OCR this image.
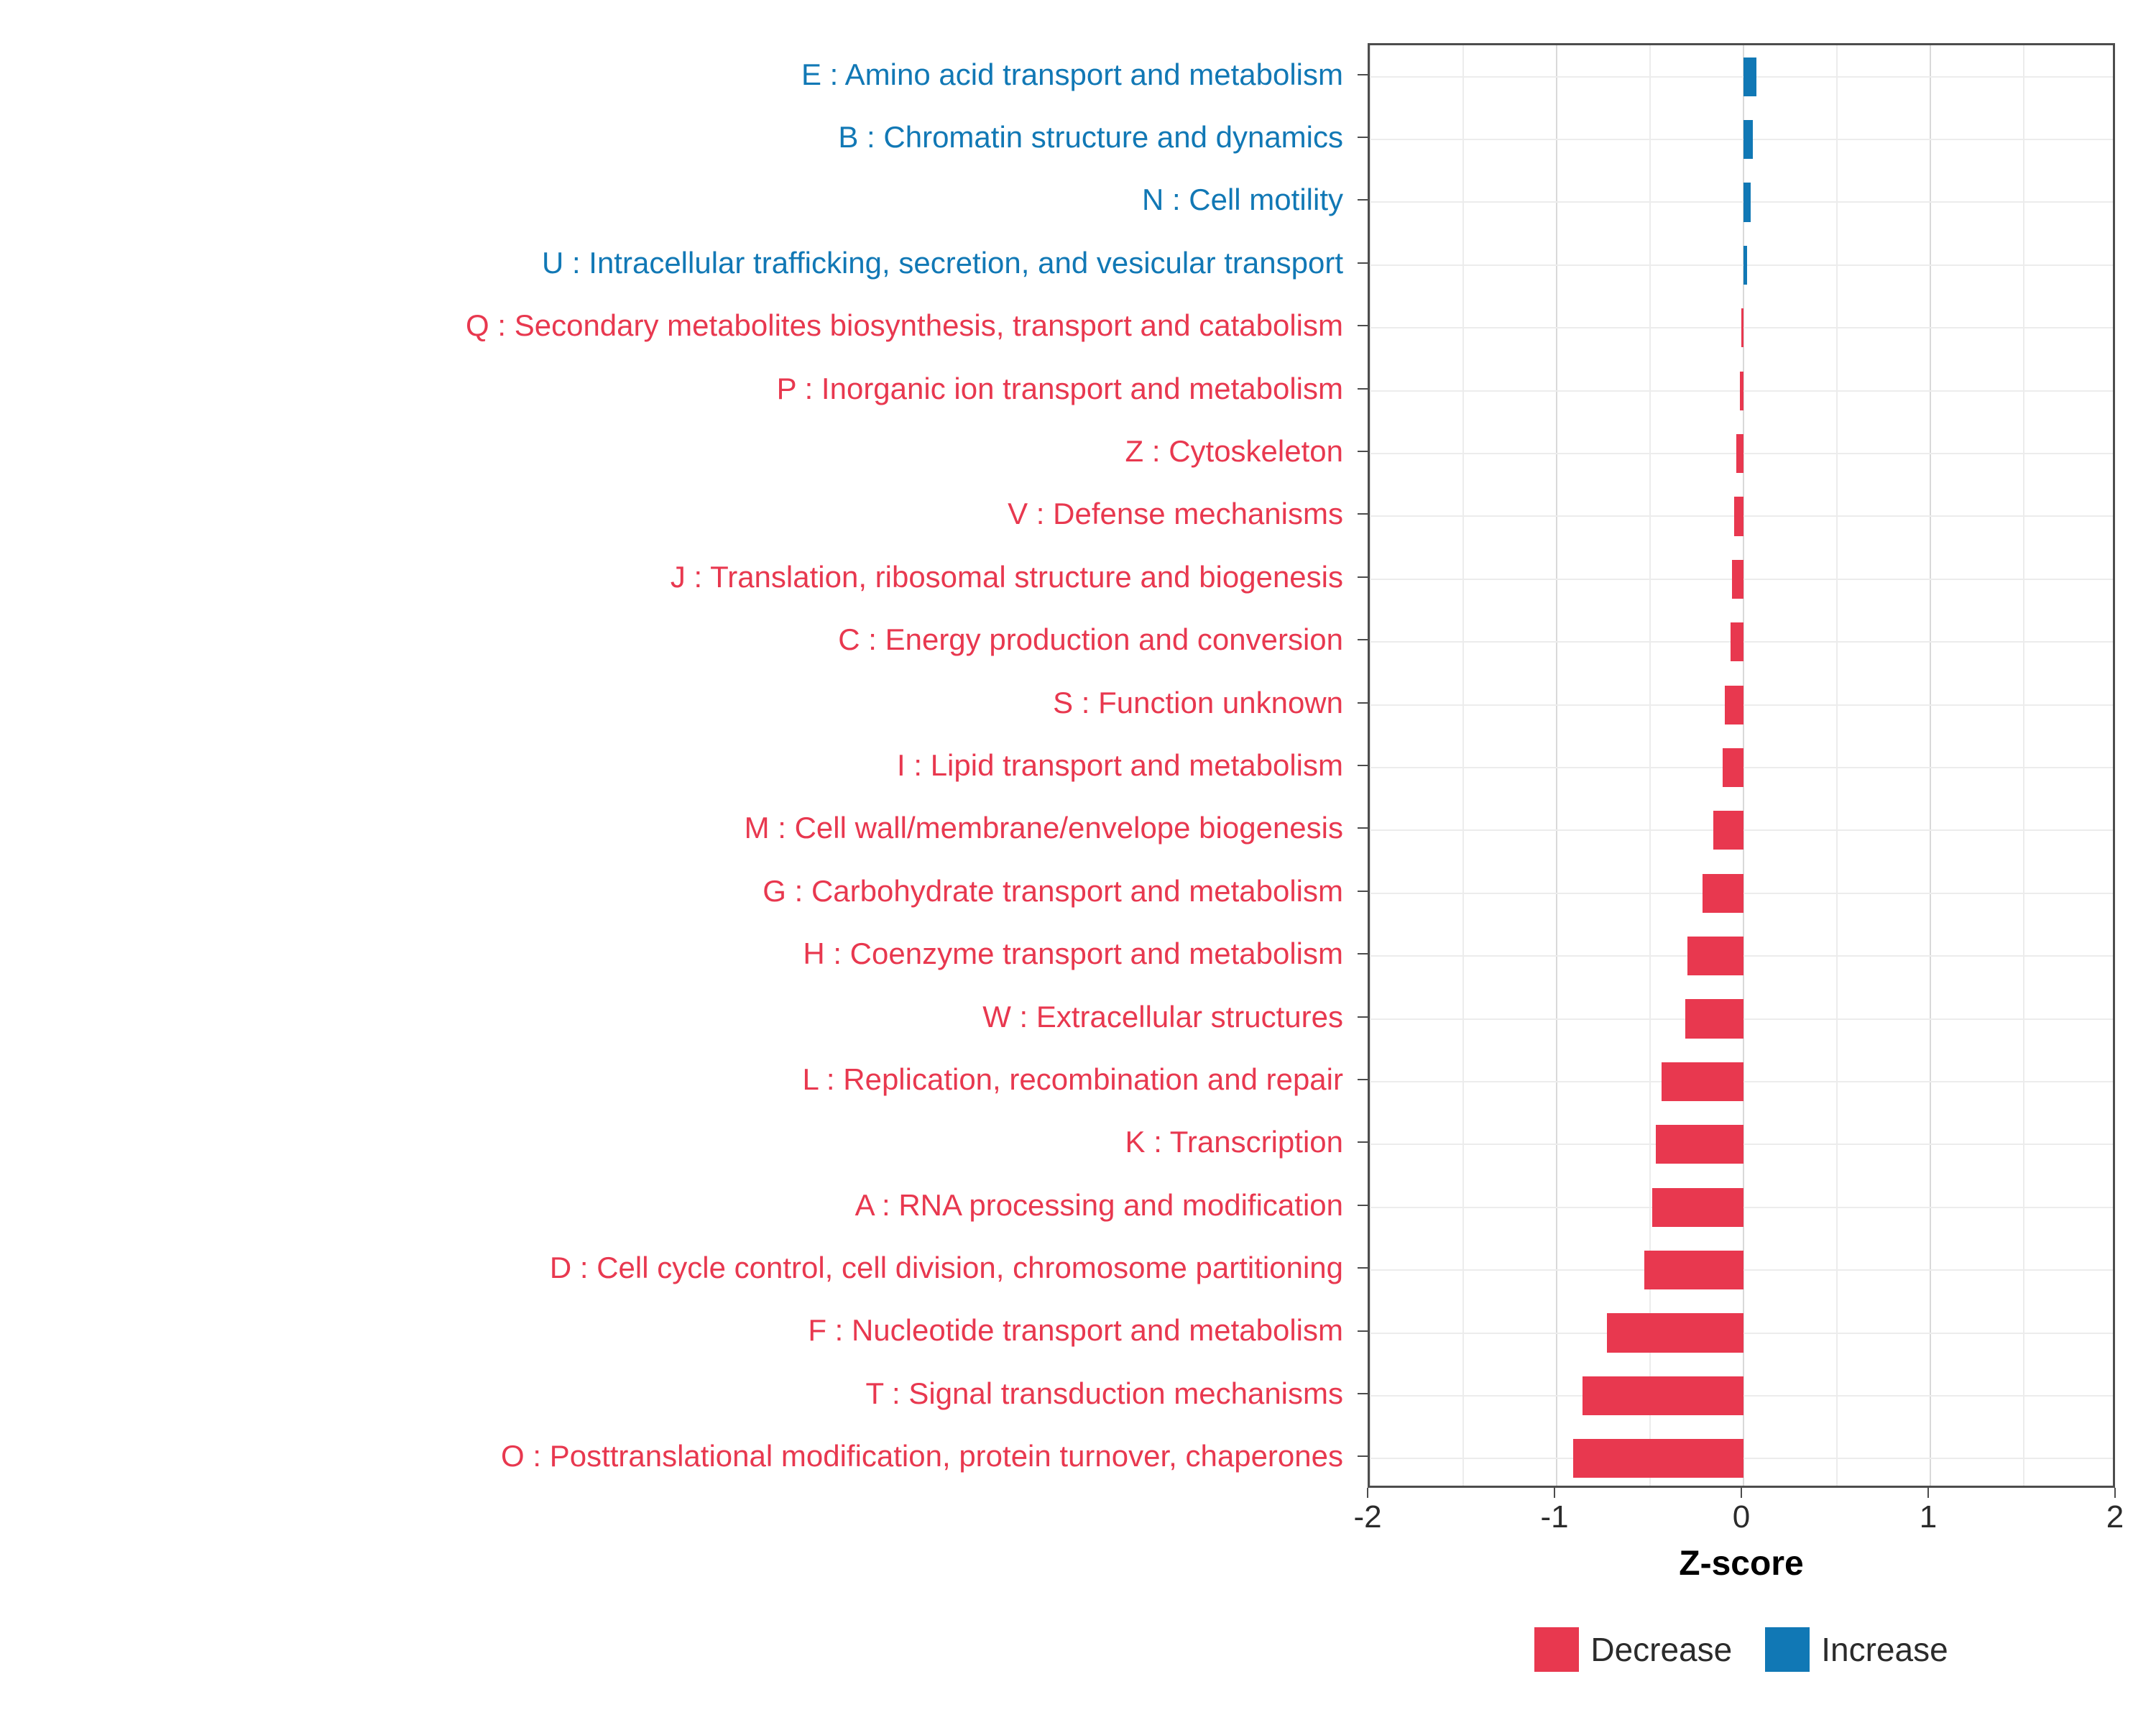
E : Amino acid transport and metabolism
B : Chromatin structure and dynamics
N : Cell motility
U : Intracellular trafficking, secretion, and vesicular transport
Q : Secondary metabolites biosynthesis, transport and catabolism
P : Inorganic ion transport and metabolism
Z : Cytoskeleton
V : Defense mechanisms
J : Translation, ribosomal structure and biogenesis
C : Energy production and conversion
S : Function unknown
I : Lipid transport and metabolism
M : Cell wall/membrane/envelope biogenesis
G : Carbohydrate transport and metabolism
H : Coenzyme transport and metabolism
W : Extracellular structures
L : Replication, recombination and repair
K : Transcription
A : RNA processing and modification
D : Cell cycle control, cell division, chromosome partitioning
F : Nucleotide transport and metabolism
T : Signal transduction mechanisms
O : Posttranslational modification, protein turnover, chaperones
-2	-1	0	1	2
Z-score
Decrease	Increase
